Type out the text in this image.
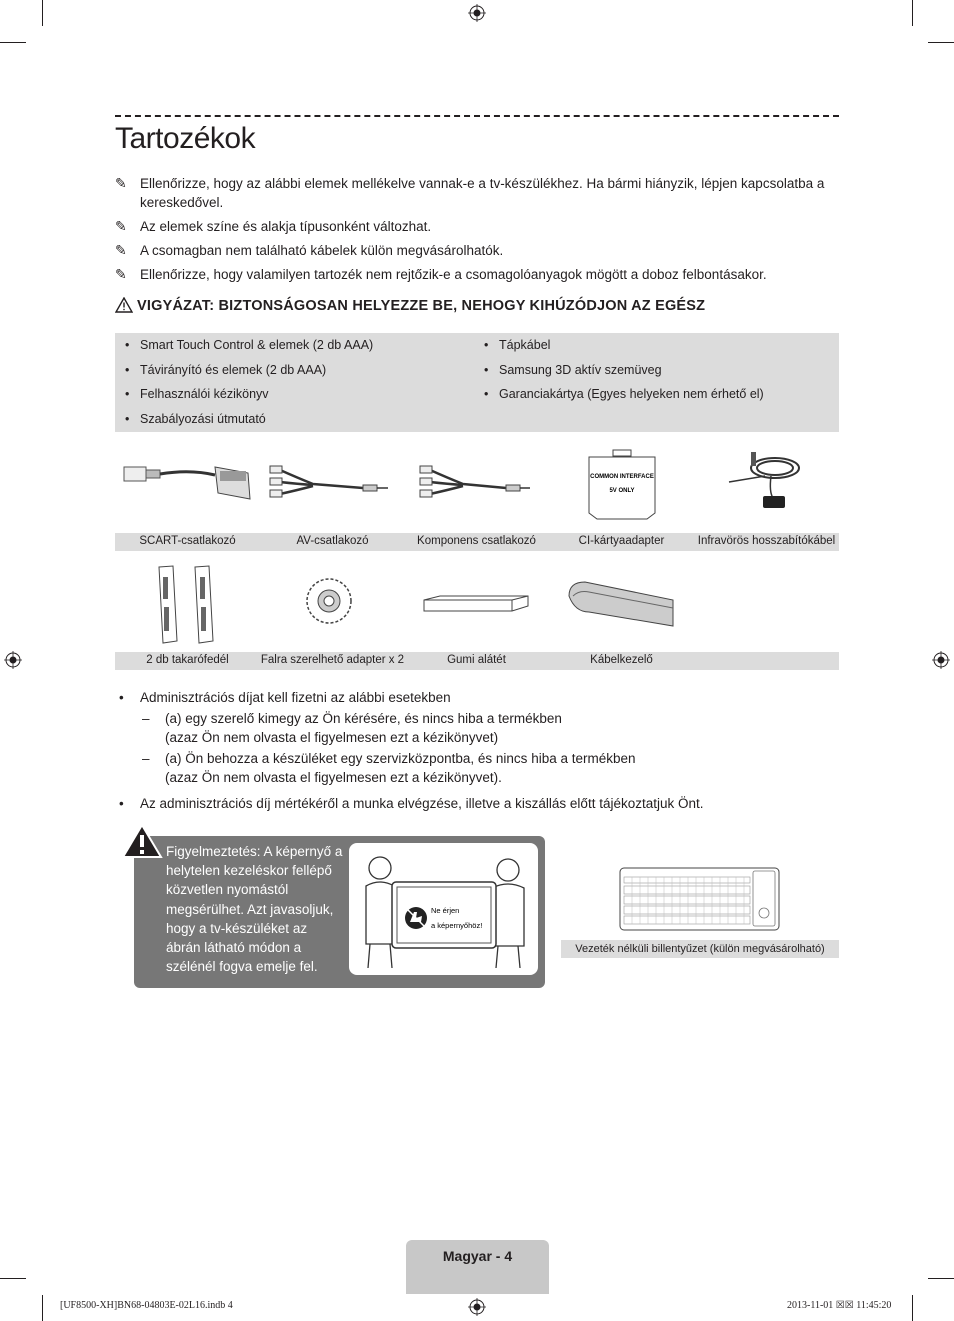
Tartozékok
✎ Ellenőrizze, hogy az alábbi elemek mellékelve vannak-e a tv-készülékhez. Ha bármi hiányzik, lépjen kapcsolatba a kereskedővel.
✎ Az elemek színe és alakja típusonként változhat.
✎ A csomagban nem található kábelek külön megvásárolhatók.
✎ Ellenőrizze, hogy valamilyen tartozék nem rejtőzik-e a csomagolóanyagok mögött a doboz felbontásakor.
VIGYÁZAT: BIZTONSÁGOSAN HELYEZZE BE, NEHOGY KIHÚZÓDJON AZ EGÉSZ
• Smart Touch Control & elemek (2 db AAA)
• Távirányító és elemek (2 db AAA)
• Felhasználói kézikönyv
• Szabályozási útmutató
• Tápkábel
• Samsung 3D aktív szemüveg
• Garanciakártya (Egyes helyeken nem érhető el)
COMMON INTERFACE
5V ONLY
SCART-csatlakozó	AV-csatlakozó	Komponens csatlakozó	CI-kártyaadapter	Infravörös hosszabítókábel
2 db takarófedél	Falra szerelhető adapter x 2	Gumi alátét	Kábelkezelő
• Adminisztrációs díjat kell fizetni az alábbi esetekben
– (a) egy szerelő kimegy az Ön kérésére, és nincs hiba a termékben
(azaz Ön nem olvasta el figyelmesen ezt a kézikönyvet)
– (a) Ön behozza a készüléket egy szervizközpontba, és nincs hiba a termékben
(azaz Ön nem olvasta el figyelmesen ezt a kézikönyvet).
• Az adminisztrációs díj mértékéről a munka elvégzése, illetve a kiszállás előtt tájékoztatjuk Önt.
Figyelmeztetés: A képernyő a helytelen kezeléskor fellépő közvetlen nyomástól megsérülhet. Azt javasoljuk, hogy a tv-készüléket az ábrán látható módon a szélénél fogva emelje fel.
Ne érjen
a képernyőhöz!
Vezeték nélküli billentyűzet (külön megvásárolható)
Magyar - 4
[UF8500-XH]BN68-04803E-02L16.indb 4	2013-11-01 ☒☒ 11:45:20
